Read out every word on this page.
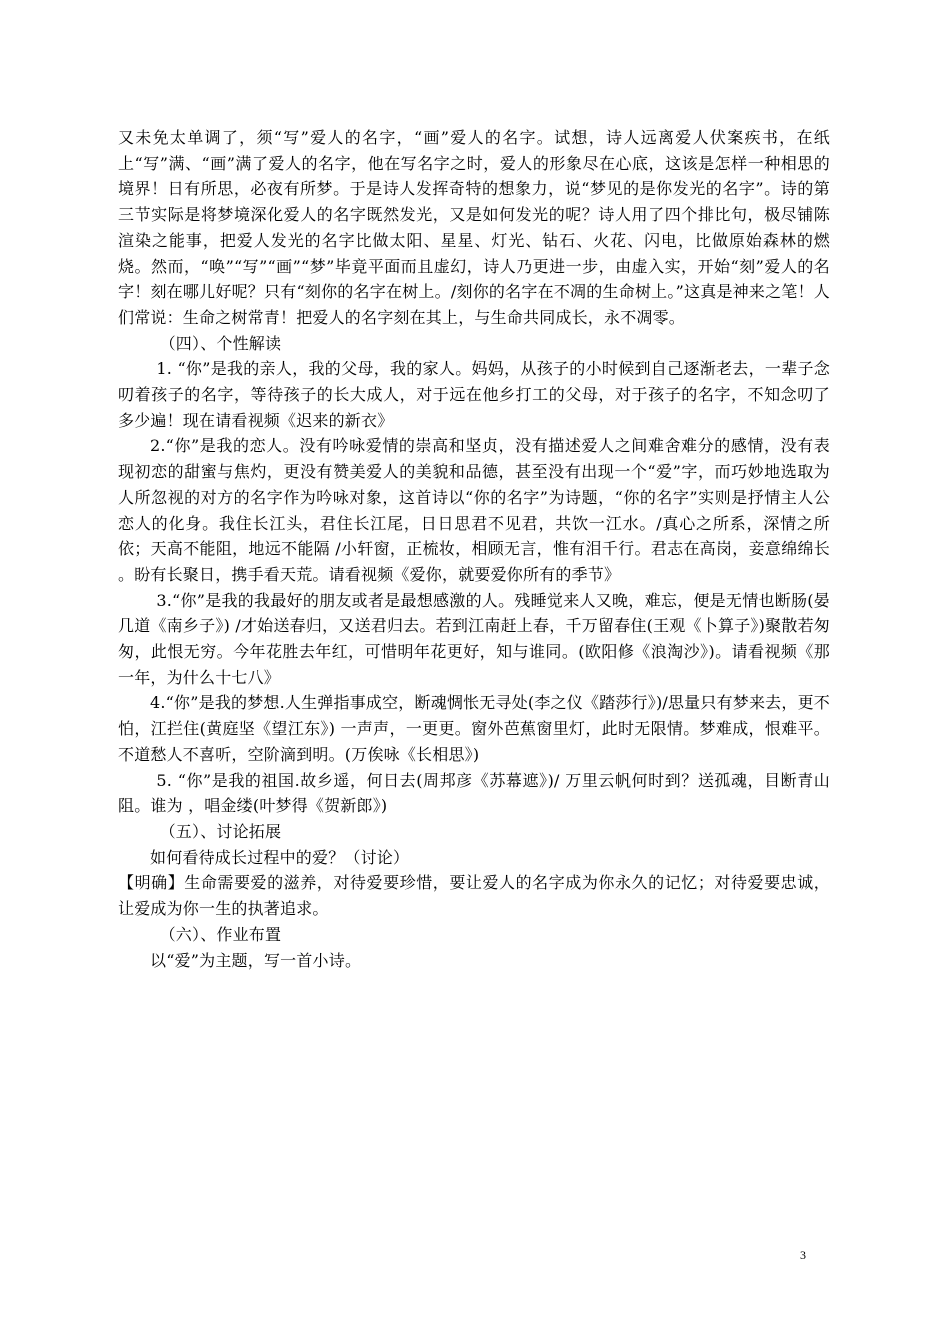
又未免太单调了，须“写”爱人的名字，“画”爱人的名字。试想，诗人远离爱人伏案疾书，在纸上“写”满、“画”满了爱人的名字，他在写名字之时，爱人的形象尽在心底，这该是怎样一种相思的境界！日有所思，必夜有所梦。于是诗人发挥奇特的想象力，说“梦见的是你发光的名字”。诗的第三节实际是将梦境深化爱人的名字既然发光，又是如何发光的呢？诗人用了四个排比句，极尽铺陈渲染之能事，把爱人发光的名字比做太阳、星星、灯光、钻石、火花、闪电，比做原始森林的燃烧。然而，“唤”“写”“画”“梦”毕竟平面而且虚幻，诗人乃更进一步，由虚入实，开始“刻”爱人的名字！刻在哪儿好呢？只有“刻你的名字在树上。/刻你的名字在不凋的生命树上。”这真是神来之笔！人们常说：生命之树常青！把爱人的名字刻在其上，与生命共同成长，永不凋零。

（四）、个性解读

1. “你”是我的亲人，我的父母，我的家人。妈妈，从孩子的小时候到自己逐渐老去，一辈子念叨着孩子的名字，等待孩子的长大成人，对于远在他乡打工的父母，对于孩子的名字，不知念叨了多少遍！现在请看视频《迟来的新衣》

2.“你”是我的恋人。没有吟咏爱情的崇高和坚贞，没有描述爱人之间难舍难分的感情，没有表现初恋的甜蜜与焦灼，更没有赞美爱人的美貌和品德，甚至没有出现一个“爱”字，而巧妙地选取为人所忽视的对方的名字作为吟咏对象，这首诗以“你的名字”为诗题，“你的名字”实则是抒情主人公恋人的化身。我住长江头，君住长江尾，日日思君不见君，共饮一江水。/真心之所系，深情之所依；天高不能阻，地远不能隔 /小轩窗，正梳妆，相顾无言，惟有泪千行。君志在高岗，妾意绵绵长 。盼有长聚日，携手看天荒。请看视频《爱你，就要爱你所有的季节》

3.“你”是我的我最好的朋友或者是最想感激的人。残睡觉来人又晚，难忘，便是无情也断肠(晏几道《南乡子》) /才始送春归，又送君归去。若到江南赶上春，千万留春住(王观《卜算子》)聚散若匆匆，此恨无穷。今年花胜去年红，可惜明年花更好，知与谁同。(欧阳修《浪淘沙》)。请看视频《那一年，为什么十七八》

4.“你”是我的梦想.人生弹指事成空，断魂惆怅无寻处(李之仪《踏莎行》)/思量只有梦来去，更不怕，江拦住(黄庭坚《望江东》) 一声声，一更更。窗外芭蕉窗里灯，此时无限情。梦难成，恨难平。不道愁人不喜听，空阶滴到明。(万俟咏《长相思》)

5. “你”是我的祖国.故乡遥，何日去(周邦彦《苏幕遮》)/ 万里云帆何时到？送孤魂，目断青山阻。谁为 ，唱金缕(叶梦得《贺新郎》)

（五）、讨论拓展

如何看待成长过程中的爱？（讨论）

【明确】生命需要爱的滋养，对待爱要珍惜，要让爱人的名字成为你永久的记忆；对待爱要忠诚，让爱成为你一生的执著追求。

（六）、作业布置

以“爱”为主题，写一首小诗。

3
